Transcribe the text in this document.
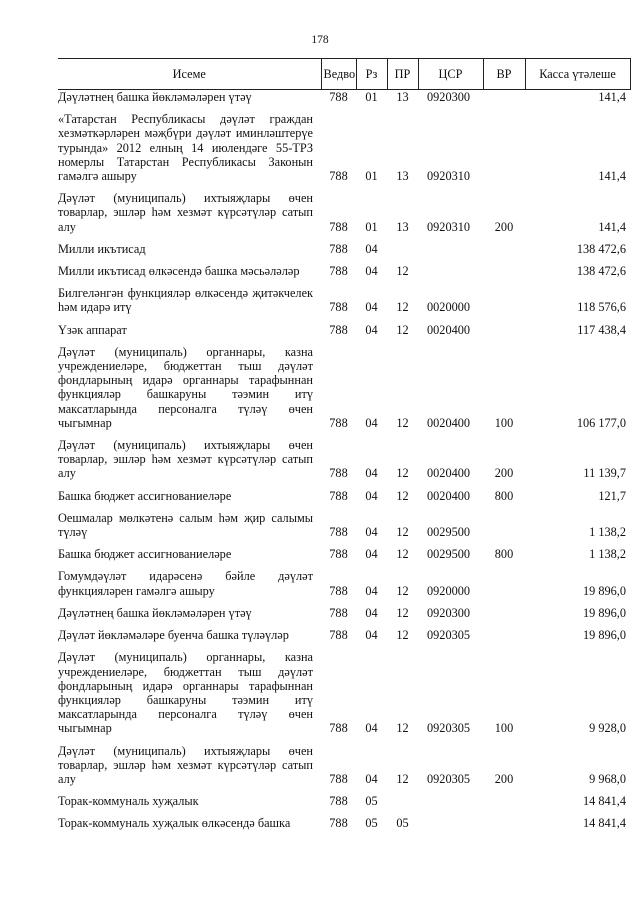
178
Исеме	Ведво	Рз	ПР	ЦСР	ВР	Касса үтәлеше
Дәүләтнең башка йөкләмәләрен үтәү	788	01	13	0920300		141,4
«Татарстан Республикасы дәүләт граждан хезмәткәрләрен мәҗбүри дәүләт иминләштерүе турында» 2012 елның 14 июлендәге 55-ТРЗ номерлы Татарстан Республикасы Законын гамәлгә ашыру	788	01	13	0920310		141,4
Дәүләт (муниципаль) ихтыяҗлары өчен товарлар, эшләр һәм хезмәт күрсәтүләр сатып алу	788	01	13	0920310	200	141,4
Милли икътисад	788	04				138 472,6
Милли икътисад өлкәсендә башка мәсьәләләр	788	04	12			138 472,6
Билгеләнгән функцияләр өлкәсендә җитәкчелек һәм идарә итү	788	04	12	0020000		118 576,6
Үзәк аппарат	788	04	12	0020400		117 438,4
Дәүләт (муниципаль) органнары, казна учреждениеләре, бюджеттан тыш дәүләт фондларының идарә органнары тарафыннан функцияләр башкаруны тәэмин итү максатларында персоналга түләү өчен чыгымнар	788	04	12	0020400	100	106 177,0
Дәүләт (муниципаль) ихтыяҗлары өчен товарлар, эшләр һәм хезмәт күрсәтүләр сатып алу	788	04	12	0020400	200	11 139,7
Башка бюджет ассигнованиеләре	788	04	12	0020400	800	121,7
Оешмалар мөлкәтенә салым һәм җир салымы түләү	788	04	12	0029500		1 138,2
Башка бюджет ассигнованиеләре	788	04	12	0029500	800	1 138,2
Гомумдәүләт идарәсенә бәйле дәүләт функцияләрен гамәлгә ашыру	788	04	12	0920000		19 896,0
Дәүләтнең башка йөкләмәләрен үтәү	788	04	12	0920300		19 896,0
Дәүләт йөкләмәләре буенча башка түләүләр	788	04	12	0920305		19 896,0
Дәүләт (муниципаль) органнары, казна учреждениеләре, бюджеттан тыш дәүләт фондларының идарә органнары тарафыннан функцияләр башкаруны тәэмин итү максатларында персоналга түләү өчен чыгымнар	788	04	12	0920305	100	9 928,0
Дәүләт (муниципаль) ихтыяҗлары өчен товарлар, эшләр һәм хезмәт күрсәтүләр сатып алу	788	04	12	0920305	200	9 968,0
Торак-коммуналь хуҗалык	788	05				14 841,4
Торак-коммуналь хуҗалык өлкәсендә башка	788	05	05			14 841,4
